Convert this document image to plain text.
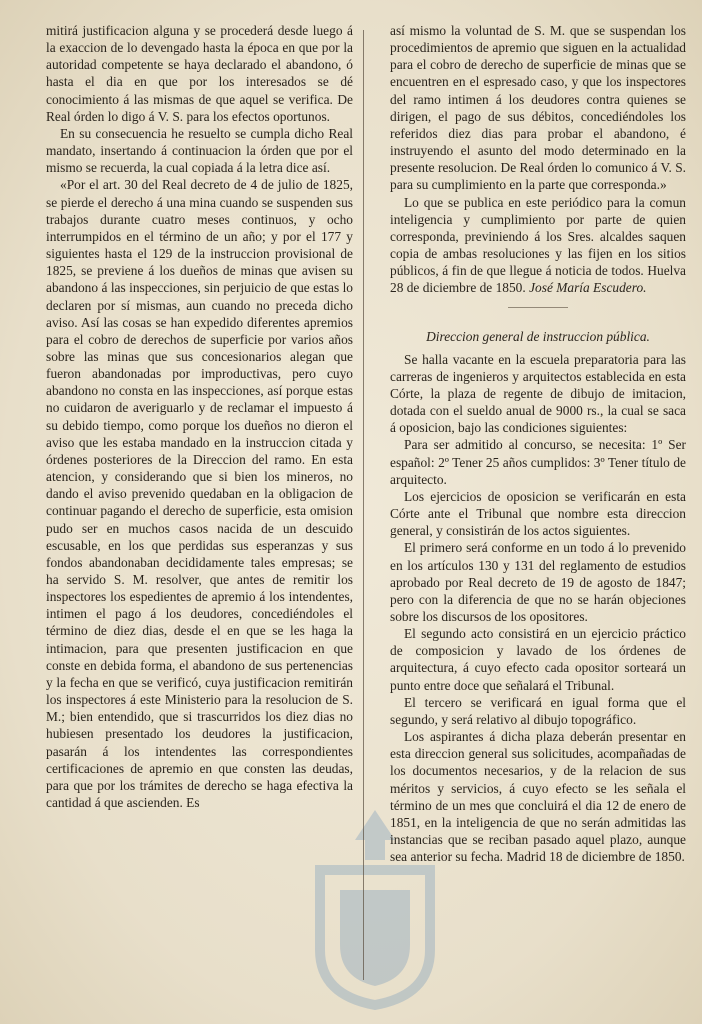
mitirá justificacion alguna y se procederá desde luego á la exaccion de lo devengado hasta la época en que por la autoridad competente se haya declarado el abandono, ó hasta el dia en que por los interesados se dé conocimiento á las mismas de que aquel se verifica. De Real órden lo digo á V. S. para los efectos oportunos.

En su consecuencia he resuelto se cumpla dicho Real mandato, insertando á continuacion la órden que por el mismo se recuerda, la cual copiada á la letra dice así.

«Por el art. 30 del Real decreto de 4 de julio de 1825, se pierde el derecho á una mina cuando se suspenden sus trabajos durante cuatro meses continuos, y ocho interrumpidos en el término de un año; y por el 177 y siguientes hasta el 129 de la instruccion provisional de 1825, se previene á los dueños de minas que avisen su abandono á las inspecciones, sin perjuicio de que estas lo declaren por sí mismas, aun cuando no preceda dicho aviso. Así las cosas se han expedido diferentes apremios para el cobro de derechos de superficie por varios años sobre las minas que sus concesionarios alegan que fueron abandonadas por improductivas, pero cuyo abandono no consta en las inspecciones, así porque estas no cuidaron de averiguarlo y de reclamar el impuesto á su debido tiempo, como porque los dueños no dieron el aviso que les estaba mandado en la instruccion citada y órdenes posteriores de la Direccion del ramo. En esta atencion, y considerando que si bien los mineros, no dando el aviso prevenido quedaban en la obligacion de continuar pagando el derecho de superficie, esta omision pudo ser en muchos casos nacida de un descuido escusable, en los que perdidas sus esperanzas y sus fondos abandonaban decididamente tales empresas; se ha servido S. M. resolver, que antes de remitir los inspectores los espedientes de apremio á los intendentes, intimen el pago á los deudores, concediéndoles el término de diez dias, desde el en que se les haga la intimacion, para que presenten justificacion en que conste en debida forma, el abandono de sus pertenencias y la fecha en que se verificó, cuya justificacion remitirán los inspectores á este Ministerio para la resolucion de S. M.; bien entendido, que si trascurridos los diez dias no hubiesen presentado los deudores la justificacion, pasarán á los intendentes las correspondientes certificaciones de apremio en que consten las deudas, para que por los trámites de derecho se haga efectiva la cantidad á que ascienden. Es

así mismo la voluntad de S. M. que se suspendan los procedimientos de apremio que siguen en la actualidad para el cobro de derecho de superficie de minas que se encuentren en el espresado caso, y que los inspectores del ramo intimen á los deudores contra quienes se dirigen, el pago de sus débitos, concediéndoles los referidos diez dias para probar el abandono, é instruyendo el asunto del modo determinado en la presente resolucion. De Real órden lo comunico á V. S. para su cumplimiento en la parte que corresponda.»

Lo que se publica en este periódico para la comun inteligencia y cumplimiento por parte de quien corresponda, previniendo á los Sres. alcaldes saquen copia de ambas resoluciones y las fijen en los sitios públicos, á fin de que llegue á noticia de todos. Huelva 28 de diciembre de 1850. José María Escudero.

Direccion general de instruccion pública.

Se halla vacante en la escuela preparatoria para las carreras de ingenieros y arquitectos establecida en esta Córte, la plaza de regente de dibujo de imitacion, dotada con el sueldo anual de 9000 rs., la cual se saca á oposicion, bajo las condiciones siguientes:

Para ser admitido al concurso, se necesita: 1º Ser español: 2º Tener 25 años cumplidos: 3º Tener título de arquitecto.

Los ejercicios de oposicion se verificarán en esta Córte ante el Tribunal que nombre esta direccion general, y consistirán de los actos siguientes.

El primero será conforme en un todo á lo prevenido en los artículos 130 y 131 del reglamento de estudios aprobado por Real decreto de 19 de agosto de 1847; pero con la diferencia de que no se harán objeciones sobre los discursos de los opositores.

El segundo acto consistirá en un ejercicio práctico de composicion y lavado de los órdenes de arquitectura, á cuyo efecto cada opositor sorteará un punto entre doce que señalará el Tribunal.

El tercero se verificará en igual forma que el segundo, y será relativo al dibujo topográfico.

Los aspirantes á dicha plaza deberán presentar en esta direccion general sus solicitudes, acompañadas de los documentos necesarios, y de la relacion de sus méritos y servicios, á cuyo efecto se les señala el término de un mes que concluirá el dia 12 de enero de 1851, en la inteligencia de que no serán admitidas las instancias que se reciban pasado aquel plazo, aunque sea anterior su fecha. Madrid 18 de diciembre de 1850.
